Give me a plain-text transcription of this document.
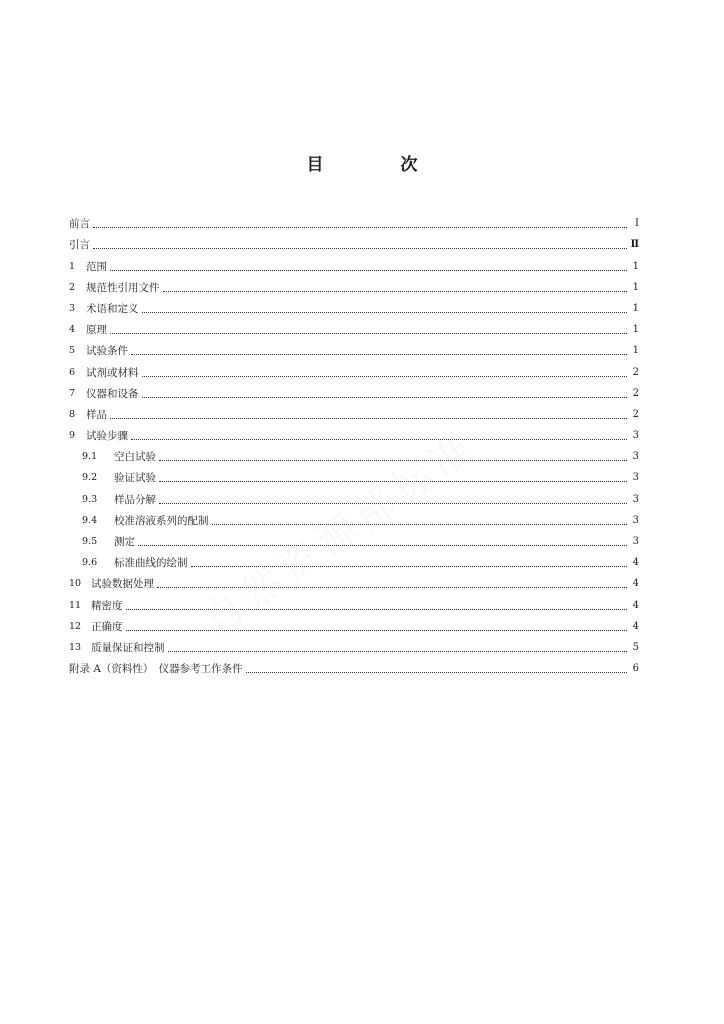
自然资源部标准
目　次
前言	Ⅰ
引言	Ⅱ
1	范围	1
2	规范性引用文件	1
3	术语和定义	1
4	原理	1
5	试验条件	1
6	试剂或材料	2
7	仪器和设备	2
8	样品	2
9	试验步骤	3
9.1	空白试验	3
9.2	验证试验	3
9.3	样品分解	3
9.4	校准溶液系列的配制	3
9.5	测定	3
9.6	标准曲线的绘制	4
10 试验数据处理	4
11 精密度	4
12 正确度	4
13 质量保证和控制	5
附录 A（资料性）　仪器参考工作条件	6
